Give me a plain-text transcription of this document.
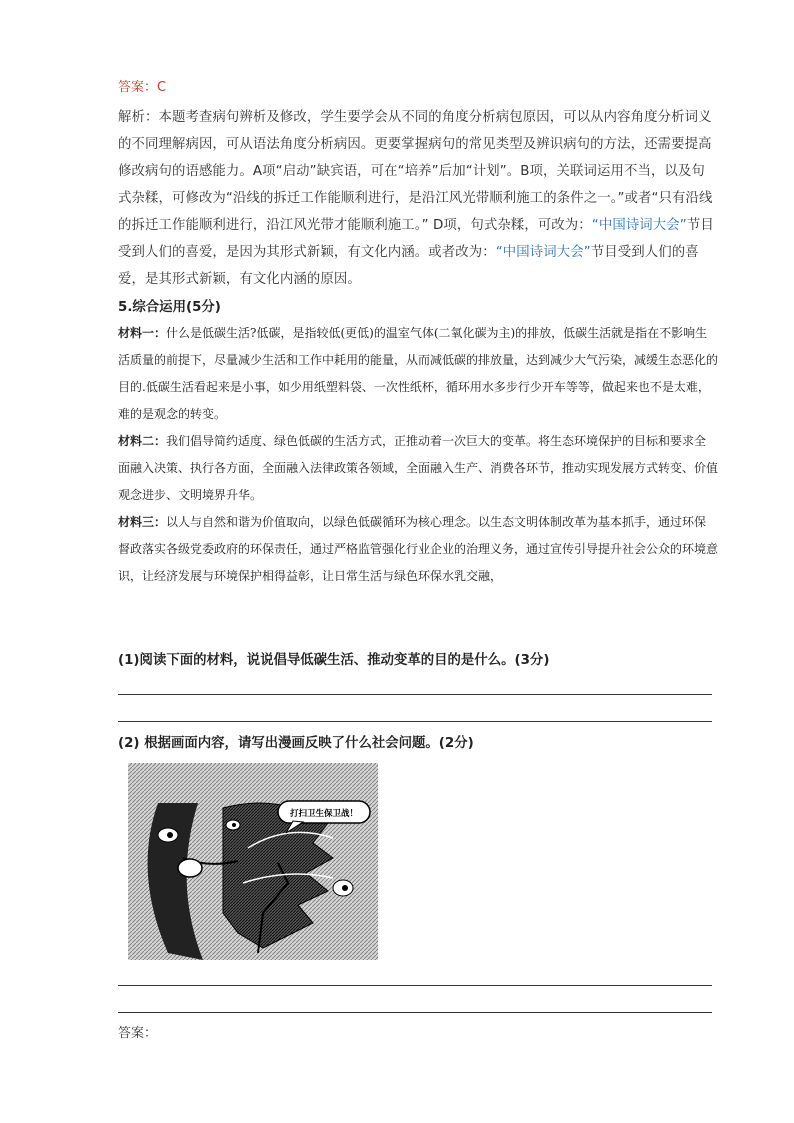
答案：C
解析：本题考查病句辨析及修改，学生要学会从不同的角度分析病包原因，可以从内容角度分析词义的不同理解病因，可从语法角度分析病因。更要掌握病句的常见类型及辨识病句的方法，还需要提高修改病句的语感能力。A项“启动”缺宾语，可在“培养”后加“计划”。B项，关联词运用不当，以及句式杂糅，可修改为“沿线的拆迁工作能顺利进行，是沿江风光带顺利施工的条件之一。”或者“只有沿线的拆迁工作能顺利进行，沿江风光带才能顺利施工。” D项，句式杂糅，可改为：“中国诗词大会”节目受到人们的喜爱，是因为其形式新颖，有文化内涵。或者改为：“中国诗词大会”节目受到人们的喜爱，是其形式新颖，有文化内涵的原因。
5.综合运用(5分)
材料一：什么是低碳生活?低碳，是指较低(更低)的温室气体(二氧化碳为主)的排放，低碳生活就是指在不影响生活质量的前提下，尽量减少生活和工作中耗用的能量，从而减低碳的排放量，达到减少大气污染，减缓生态恶化的目的.低碳生活看起来是小事，如少用纸塑料袋、一次性纸杯，循环用水多步行少开车等等，做起来也不是太难，难的是观念的转变。
材料二：我们倡导简约适度、绿色低碳的生活方式，正推动着一次巨大的变革。将生态环境保护的目标和要求全面融入决策、执行各方面，全面融入法律政策各领域，全面融入生产、消费各环节，推动实现发展方式转变、价值观念进步、文明境界升华。
材料三：以人与自然和谐为价值取向，以绿色低碳循环为核心理念。以生态文明体制改革为基本抓手，通过环保督政落实各级党委政府的环保责任，通过严格监管强化行业企业的治理义务，通过宣传引导提升社会公众的环境意识，让经济发展与环境保护相得益彰，让日常生活与绿色环保水乳交融，
(1)阅读下面的材料，说说倡导低碳生活、推动变革的目的是什么。(3分)
(2) 根据画面内容，请写出漫画反映了什么社会问题。(2分)
打扫卫生保卫战！
答案：
